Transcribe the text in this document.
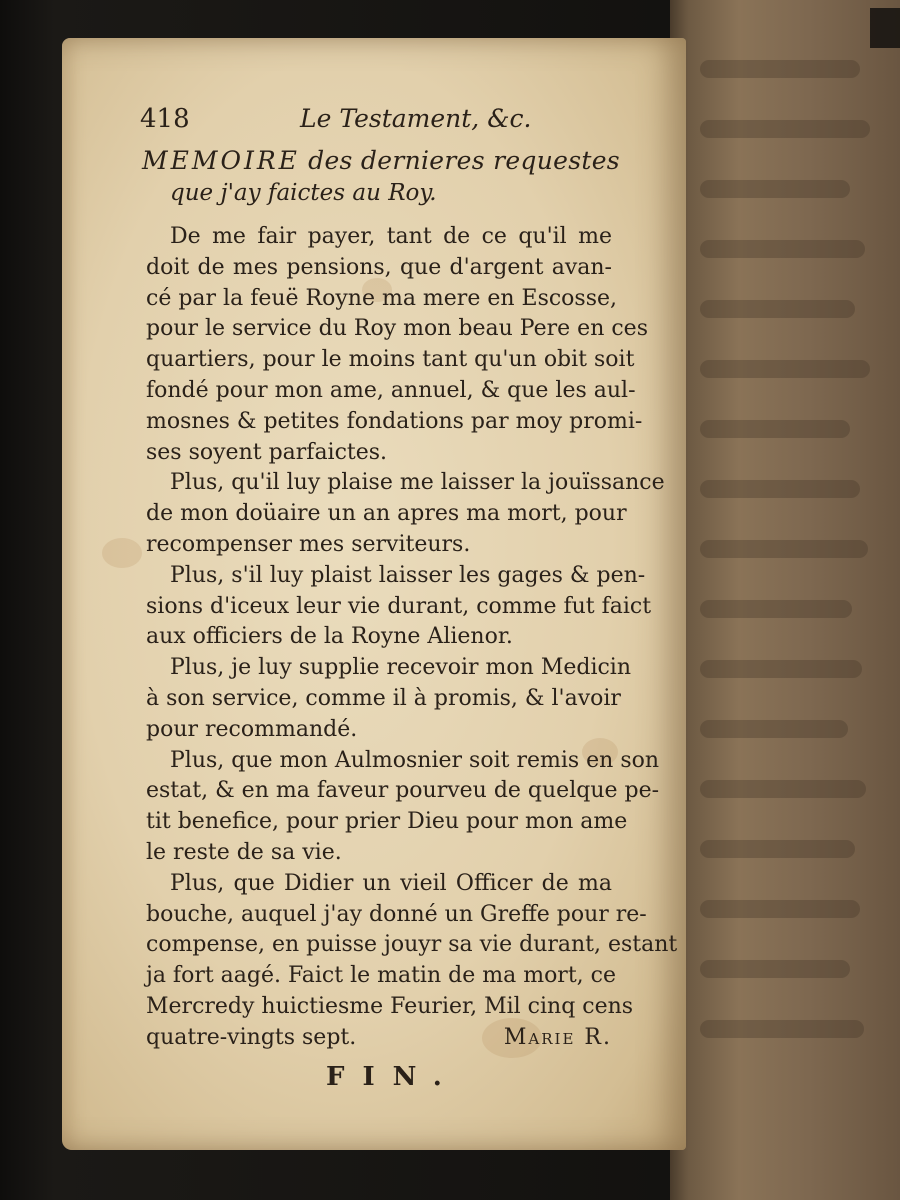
418	Le Testament, &c.
MEMOIRE des dernieres requestes
que j'ay faictes au Roy.
De me fair payer, tant de ce qu'il me
doit de mes pensions, que d'argent avan-
cé par la feuë Royne ma mere en Escosse,
pour le service du Roy mon beau Pere en ces
quartiers, pour le moins tant qu'un obit soit
fondé pour mon ame, annuel, & que les aul-
mosnes & petites fondations par moy promi-
ses soyent parfaictes.
Plus, qu'il luy plaise me laisser la jouïssance
de mon doüaire un an apres ma mort, pour
recompenser mes serviteurs.
Plus, s'il luy plaist laisser les gages & pen-
sions d'iceux leur vie durant, comme fut faict
aux officiers de la Royne Alienor.
Plus, je luy supplie recevoir mon Medicin
à son service, comme il à promis, & l'avoir
pour recommandé.
Plus, que mon Aulmosnier soit remis en son
estat, & en ma faveur pourveu de quelque pe-
tit benefice, pour prier Dieu pour mon ame
le reste de sa vie.
Plus, que Didier un vieil Officer de ma
bouche, auquel j'ay donné un Greffe pour re-
compense, en puisse jouyr sa vie durant, estant
ja fort aagé. Faict le matin de ma mort, ce
Mercredy huictiesme Feurier, Mil cinq cens
quatre-vingts sept.	Marie R.
FIN.
